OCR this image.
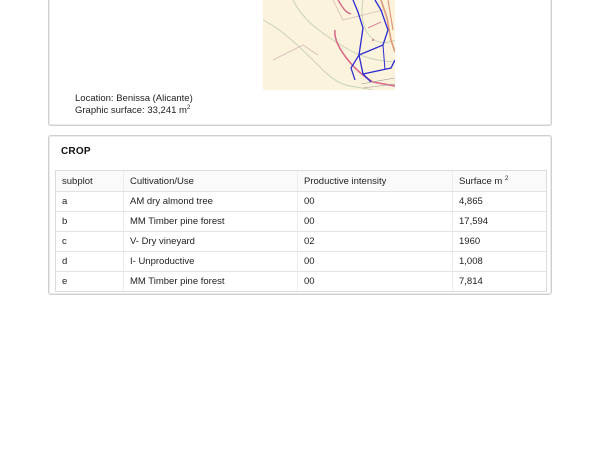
Location: Benissa (Alicante)
Graphic surface: 33,241 $m^2$
CROP
subplot	Cultivation/Use	Productive intensity	Surface m $^2$
a	AM dry almond tree	00	4,865
b	MM Timber pine forest	00	17,594
c	V- Dry vineyard	02	1960
d	I- Unproductive	00	1,008
e	MM Timber pine forest	00	7,814
